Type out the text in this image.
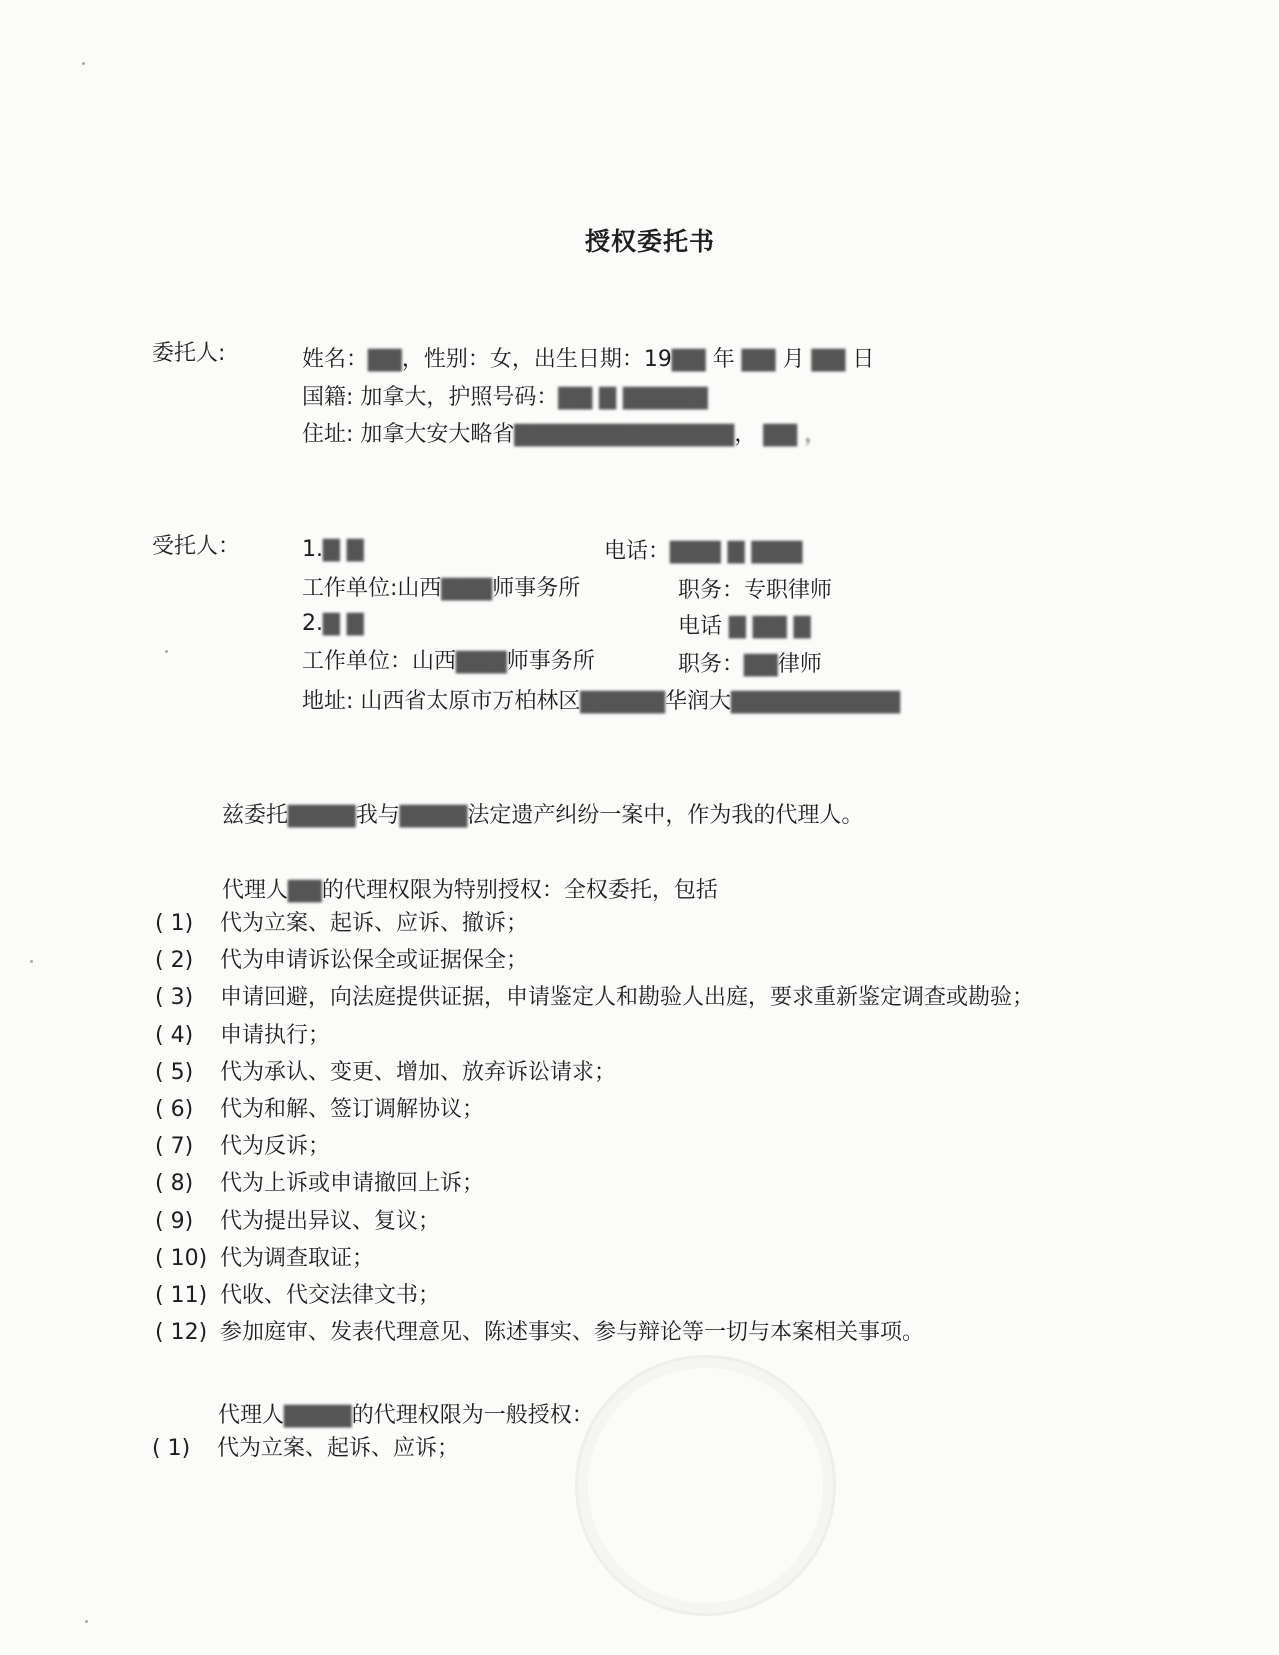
授权委托书
委托人:	姓名：▇▇，性别：女，出生日期：19▇▇ 年 ▇▇ 月 ▇▇ 日
国籍: 加拿大，护照号码：▇▇ ▇ ▇▇▇▇▇
住址: 加拿大安大略省▇▇▇▇▇▇▇▇▇▇▇▇▇， ▇▇ ，
受托人：	1.▇ ▇	电话：▇▇▇ ▇ ▇▇▇
工作单位:山西▇▇▇师事务所	职务：专职律师
2.▇ ▇	电话 ▇ ▇▇ ▇
工作单位：山西▇▇▇师事务所	职务：▇▇律师
地址: 山西省太原市万柏林区▇▇▇▇▇华润大▇▇▇▇▇▇▇▇▇▇
兹委托▇▇▇▇我与▇▇▇▇法定遗产纠纷一案中，作为我的代理人。
代理人▇▇的代理权限为特别授权：全权委托，包括
( 1) 代为立案、起诉、应诉、撤诉；
( 2) 代为申请诉讼保全或证据保全；
( 3) 申请回避，向法庭提供证据，申请鉴定人和勘验人出庭，要求重新鉴定调查或勘验；
( 4) 申请执行；
( 5) 代为承认、变更、增加、放弃诉讼请求；
( 6) 代为和解、签订调解协议；
( 7) 代为反诉；
( 8) 代为上诉或申请撤回上诉；
( 9) 代为提出异议、复议；
( 10) 代为调查取证；
( 11) 代收、代交法律文书；
( 12) 参加庭审、发表代理意见、陈述事实、参与辩论等一切与本案相关事项。
代理人▇▇▇▇的代理权限为一般授权：
( 1) 代为立案、起诉、应诉；
